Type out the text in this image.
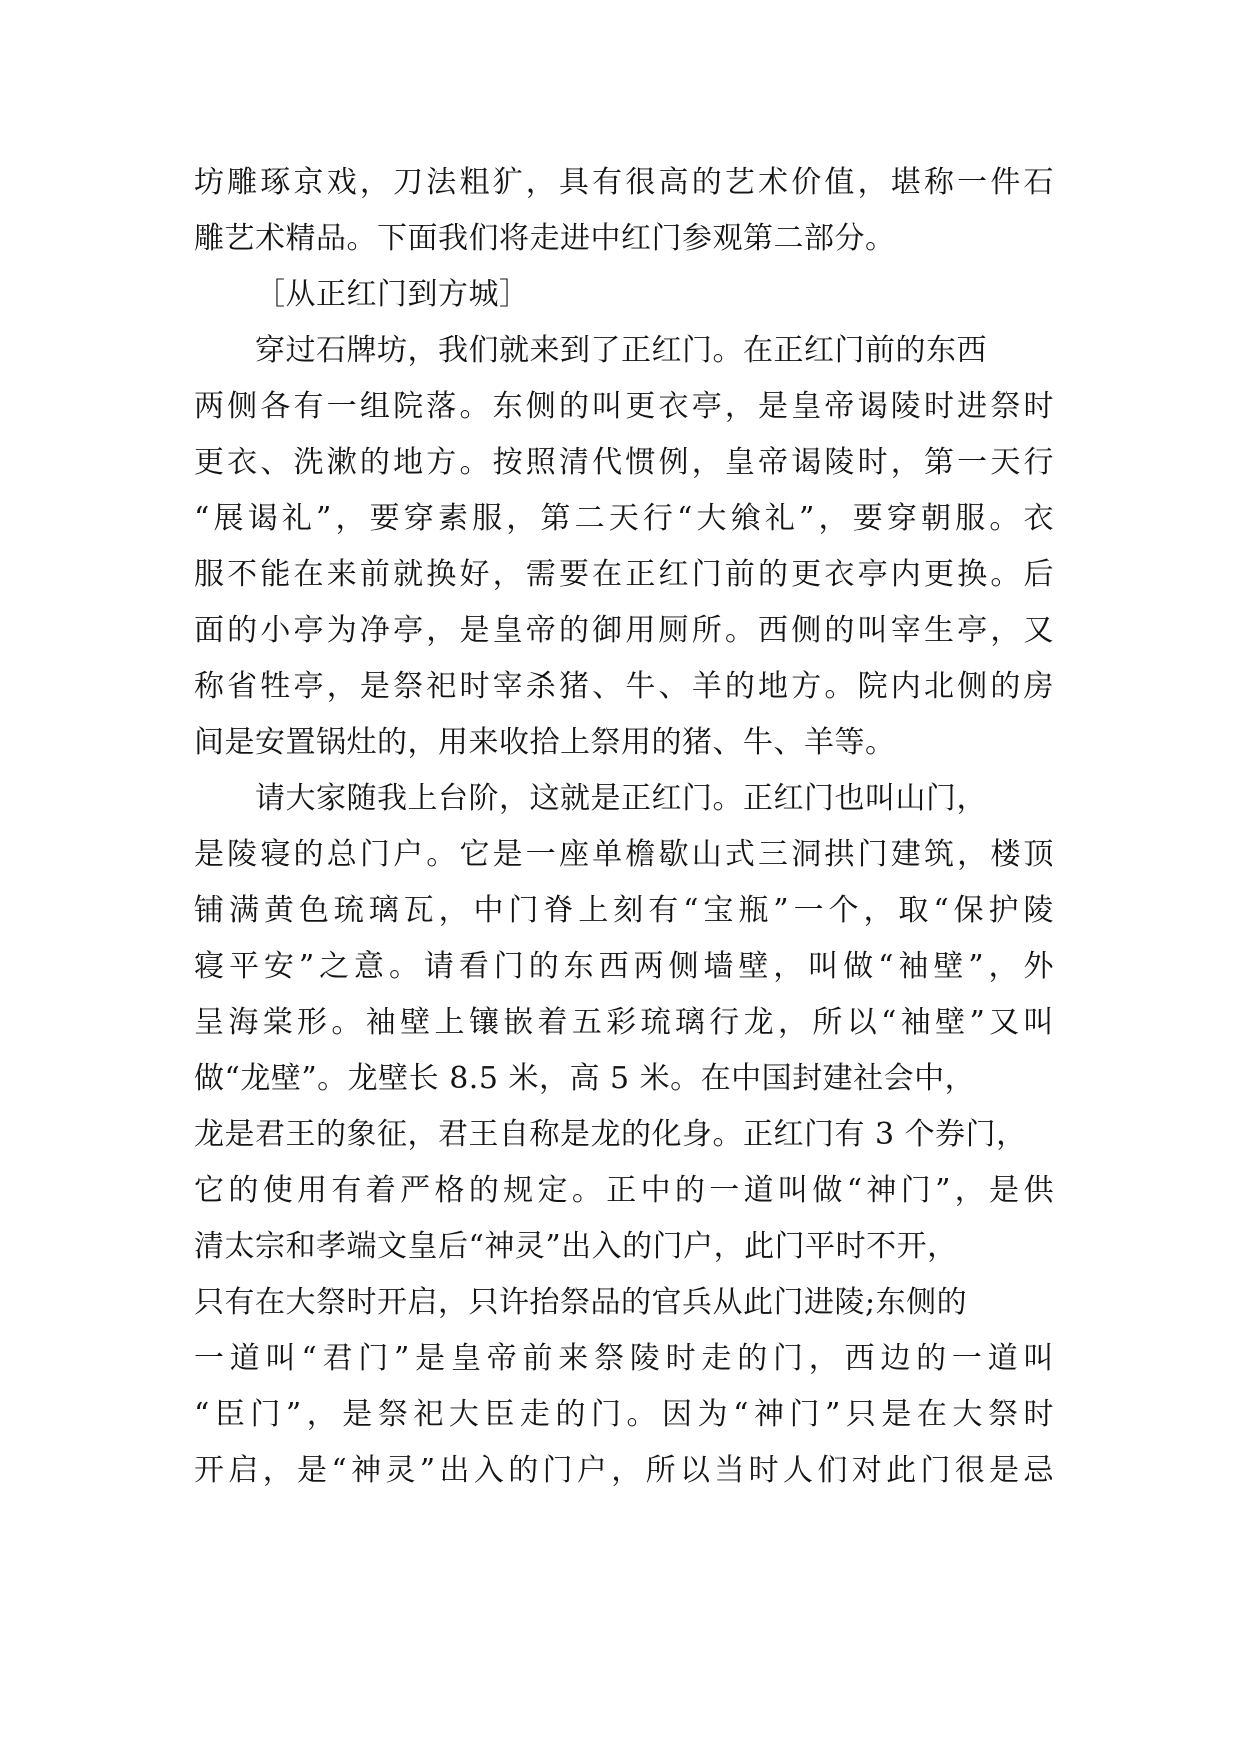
坊雕琢京戏，刀法粗犷，具有很高的艺术价值，堪称一件石
雕艺术精品。下面我们将走进中红门参观第二部分。
［从正红门到方城］
穿过石牌坊，我们就来到了正红门。在正红门前的东西
两侧各有一组院落。东侧的叫更衣亭，是皇帝谒陵时进祭时
更衣、洗漱的地方。按照清代惯例，皇帝谒陵时，第一天行
“展谒礼”，要穿素服，第二天行“大飨礼”，要穿朝服。衣
服不能在来前就换好，需要在正红门前的更衣亭内更换。后
面的小亭为净亭，是皇帝的御用厕所。西侧的叫宰生亭，又
称省牲亭，是祭祀时宰杀猪、牛、羊的地方。院内北侧的房
间是安置锅灶的，用来收拾上祭用的猪、牛、羊等。
请大家随我上台阶，这就是正红门。正红门也叫山门，
是陵寝的总门户。它是一座单檐歇山式三洞拱门建筑，楼顶
铺满黄色琉璃瓦，中门脊上刻有“宝瓶”一个，取“保护陵
寝平安”之意。请看门的东西两侧墙壁，叫做“袖壁”，外
呈海棠形。袖壁上镶嵌着五彩琉璃行龙，所以“袖壁”又叫
做“龙壁”。龙壁长 8.5 米，高 5 米。在中国封建社会中，
龙是君王的象征，君王自称是龙的化身。正红门有 3 个券门，
它的使用有着严格的规定。正中的一道叫做“神门”，是供
清太宗和孝端文皇后“神灵”出入的门户，此门平时不开，
只有在大祭时开启，只许抬祭品的官兵从此门进陵;东侧的
一道叫“君门”是皇帝前来祭陵时走的门，西边的一道叫
“臣门”，是祭祀大臣走的门。因为“神门”只是在大祭时
开启，是“神灵”出入的门户，所以当时人们对此门很是忌
